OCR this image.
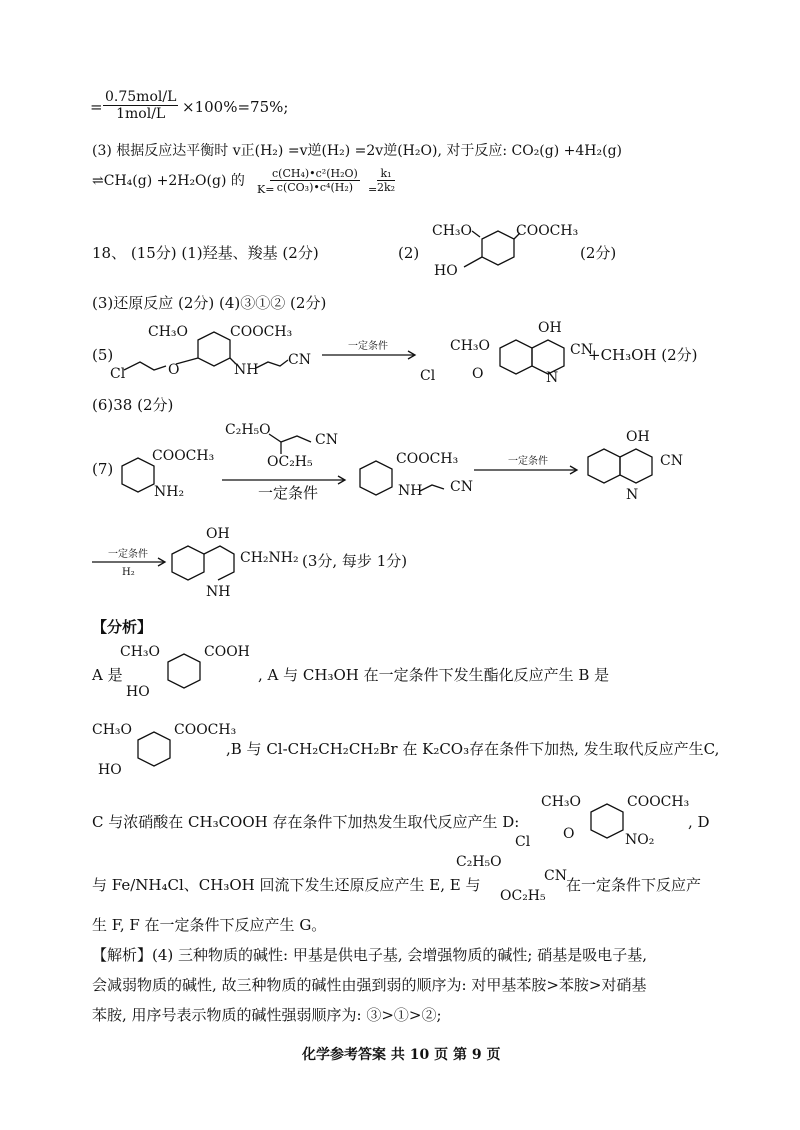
=
0.75mol/L
1mol/L	×100%=75%;
(3) 根据反应达平衡时 v正(H₂) =v逆(H₂) =2v逆(H₂O), 对于反应: CO₂(g) +4H₂(g)
⇌CH₄(g) +2H₂O(g) 的
K=
$\frac{\text{c(CH₄)•c²(H₂O)}}{\text{c(CO₃)•c⁴(H₂)}} = \frac{\text{k₁}}{\text{2k₂}}$
18、 (15分) (1)羟基、羧基 (2分)	(2)
CH₃O	COOCH₃
HO
(2分)
(3)还原反应 (2分) (4)③①② (2分)
(5)
CH₃O	COOCH₃
Cl	O	NH
CN
一定条件
OH
CH₃O	CN
Cl	O	N
+CH₃OH (2分)
(6)38 (2分)
(7)
COOCH₃
NH₂
C₂H₅O
CN
OC₂H₅
一定条件
COOCH₃
NH CN
一定条件
OH
CN
N
一定条件
H₂
OH
CH₂NH₂
NH
(3分, 每步 1分)
【分析】
A 是
CH₃O	COOH
HO
, A 与 CH₃OH 在一定条件下发生酯化反应产生 B 是
CH₃O	COOCH₃
HO
,B 与 Cl-CH₂CH₂CH₂Br 在 K₂CO₃存在条件下加热, 发生取代反应产生C,
C 与浓硝酸在 CH₃COOH 存在条件下加热发生取代反应产生 D:
CH₃O	COOCH₃
Cl O	NO₂
, D
与 Fe/NH₄Cl、CH₃OH 回流下发生还原反应产生 E, E 与
C₂H₅O
CN
OC₂H₅
在一定条件下反应产
生 F, F 在一定条件下反应产生 G。
【解析】(4) 三种物质的碱性: 甲基是供电子基, 会增强物质的碱性; 硝基是吸电子基,
会减弱物质的碱性, 故三种物质的碱性由强到弱的顺序为: 对甲基苯胺>苯胺>对硝基
苯胺, 用序号表示物质的碱性强弱顺序为: ③>①>②;
化学参考答案 共 10 页 第 9 页
